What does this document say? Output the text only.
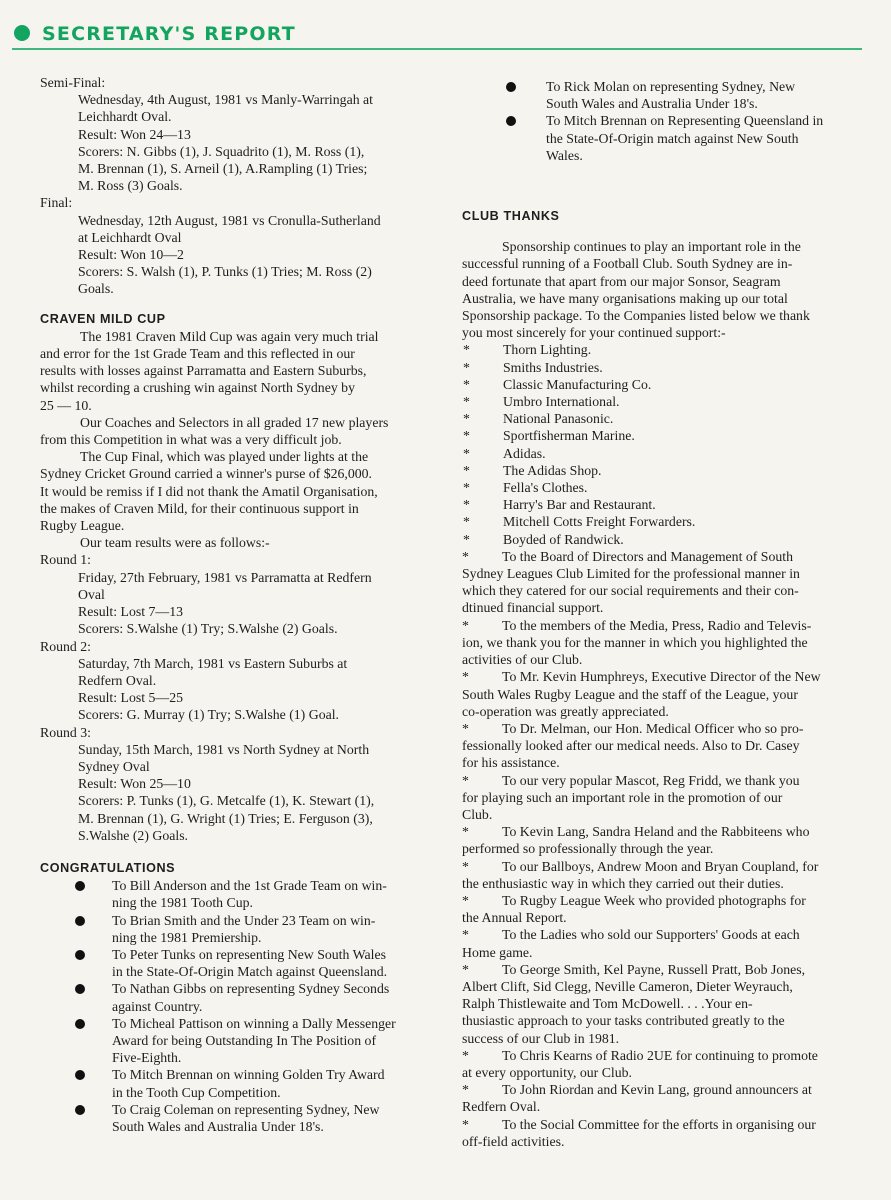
SECRETARY'S REPORT
Semi-Final:
Wednesday, 4th August, 1981 vs Manly-Warringah at
Leichhardt Oval.
Result: Won 24—13
Scorers: N. Gibbs (1), J. Squadrito (1), M. Ross (1),
M. Brennan (1), S. Arneil (1), A.Rampling (1) Tries;
M. Ross (3) Goals.
Final:
Wednesday, 12th August, 1981 vs Cronulla-Sutherland
at Leichhardt Oval
Result: Won 10—2
Scorers: S. Walsh (1), P. Tunks (1) Tries; M. Ross (2)
Goals.
CRAVEN MILD CUP
The 1981 Craven Mild Cup was again very much trial
and error for the 1st Grade Team and this reflected in our
results with losses against Parramatta and Eastern Suburbs,
whilst recording a crushing win against North Sydney by
25 — 10.
Our Coaches and Selectors in all graded 17 new players
from this Competition in what was a very difficult job.
The Cup Final, which was played under lights at the
Sydney Cricket Ground carried a winner's purse of $26,000.
It would be remiss if I did not thank the Amatil Organisation,
the makes of Craven Mild, for their continuous support in
Rugby League.
Our team results were as follows:-
Round 1:
Friday, 27th February, 1981 vs Parramatta at Redfern
Oval
Result: Lost 7—13
Scorers: S.Walshe (1) Try; S.Walshe (2) Goals.
Round 2:
Saturday, 7th March, 1981 vs Eastern Suburbs at
Redfern Oval.
Result: Lost 5—25
Scorers: G. Murray (1) Try; S.Walshe (1) Goal.
Round 3:
Sunday, 15th March, 1981 vs North Sydney at North
Sydney Oval
Result: Won 25—10
Scorers: P. Tunks (1), G. Metcalfe (1), K. Stewart (1),
M. Brennan (1), G. Wright (1) Tries; E. Ferguson (3),
S.Walshe (2) Goals.
CONGRATULATIONS
To Bill Anderson and the 1st Grade Team on win-
ning the 1981 Tooth Cup.
To Brian Smith and the Under 23 Team on win-
ning the 1981 Premiership.
To Peter Tunks on representing New South Wales
in the State-Of-Origin Match against Queensland.
To Nathan Gibbs on representing Sydney Seconds
against Country.
To Micheal Pattison on winning a Dally Messenger
Award for being Outstanding In The Position of
Five-Eighth.
To Mitch Brennan on winning Golden Try Award
in the Tooth Cup Competition.
To Craig Coleman on representing Sydney, New
South Wales and Australia Under 18's.
To Rick Molan on representing Sydney, New
South Wales and Australia Under 18's.
To Mitch Brennan on Representing Queensland in
the State-Of-Origin match against New South
Wales.
CLUB THANKS
Sponsorship continues to play an important role in the
successful running of a Football Club. South Sydney are in-
deed fortunate that apart from our major Sonsor, Seagram
Australia, we have many organisations making up our total
Sponsorship package. To the Companies listed below we thank
you most sincerely for your continued support:-
* Thorn Lighting.
* Smiths Industries.
* Classic Manufacturing Co.
* Umbro International.
* National Panasonic.
* Sportfisherman Marine.
* Adidas.
* The Adidas Shop.
* Fella's Clothes.
* Harry's Bar and Restaurant.
* Mitchell Cotts Freight Forwarders.
* Boyded of Randwick.
* To the Board of Directors and Management of South
Sydney Leagues Club Limited for the professional manner in
which they catered for our social requirements and their con-
dtinued financial support.
* To the members of the Media, Press, Radio and Televis-
ion, we thank you for the manner in which you highlighted the
activities of our Club.
* To Mr. Kevin Humphreys, Executive Director of the New
South Wales Rugby League and the staff of the League, your
co-operation was greatly appreciated.
* To Dr. Melman, our Hon. Medical Officer who so pro-
fessionally looked after our medical needs. Also to Dr. Casey
for his assistance.
* To our very popular Mascot, Reg Fridd, we thank you
for playing such an important role in the promotion of our
Club.
* To Kevin Lang, Sandra Heland and the Rabbiteens who
performed so professionally through the year.
* To our Ballboys, Andrew Moon and Bryan Coupland, for
the enthusiastic way in which they carried out their duties.
* To Rugby League Week who provided photographs for
the Annual Report.
* To the Ladies who sold our Supporters' Goods at each
Home game.
* To George Smith, Kel Payne, Russell Pratt, Bob Jones,
Albert Clift, Sid Clegg, Neville Cameron, Dieter Weyrauch,
Ralph Thistlewaite and Tom McDowell. . . .Your en-
thusiastic approach to your tasks contributed greatly to the
success of our Club in 1981.
* To Chris Kearns of Radio 2UE for continuing to promote
at every opportunity, our Club.
* To John Riordan and Kevin Lang, ground announcers at
Redfern Oval.
* To the Social Committee for the efforts in organising our
off-field activities.
